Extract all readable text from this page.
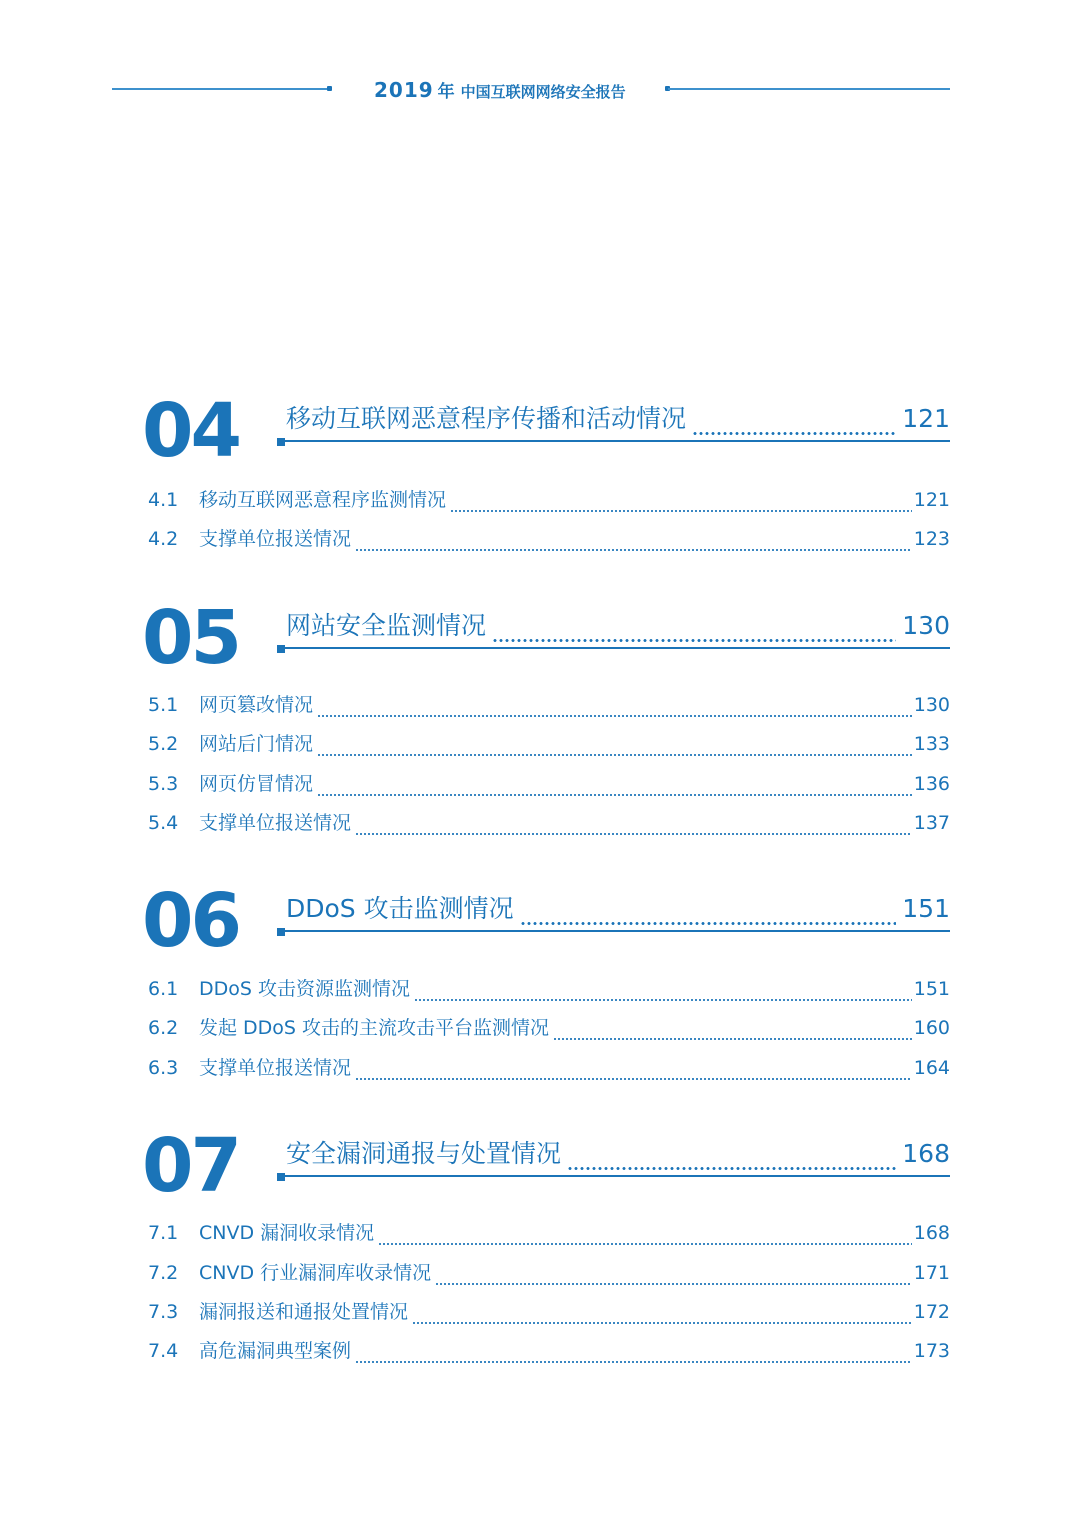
2019 年 中国互联网网络安全报告
04 移动互联网恶意程序传播和活动情况	121
4.1	移动互联网恶意程序监测情况	121
4.2	支撑单位报送情况	123
05 网站安全监测情况	130
5.1	网页篡改情况	130
5.2	网站后门情况	133
5.3	网页仿冒情况	136
5.4	支撑单位报送情况	137
06 DDoS 攻击监测情况	151
6.1	DDoS 攻击资源监测情况	151
6.2	发起 DDoS 攻击的主流攻击平台监测情况	160
6.3	支撑单位报送情况	164
07 安全漏洞通报与处置情况	168
7.1	CNVD 漏洞收录情况	168
7.2	CNVD 行业漏洞库收录情况	171
7.3	漏洞报送和通报处置情况	172
7.4	高危漏洞典型案例	173
